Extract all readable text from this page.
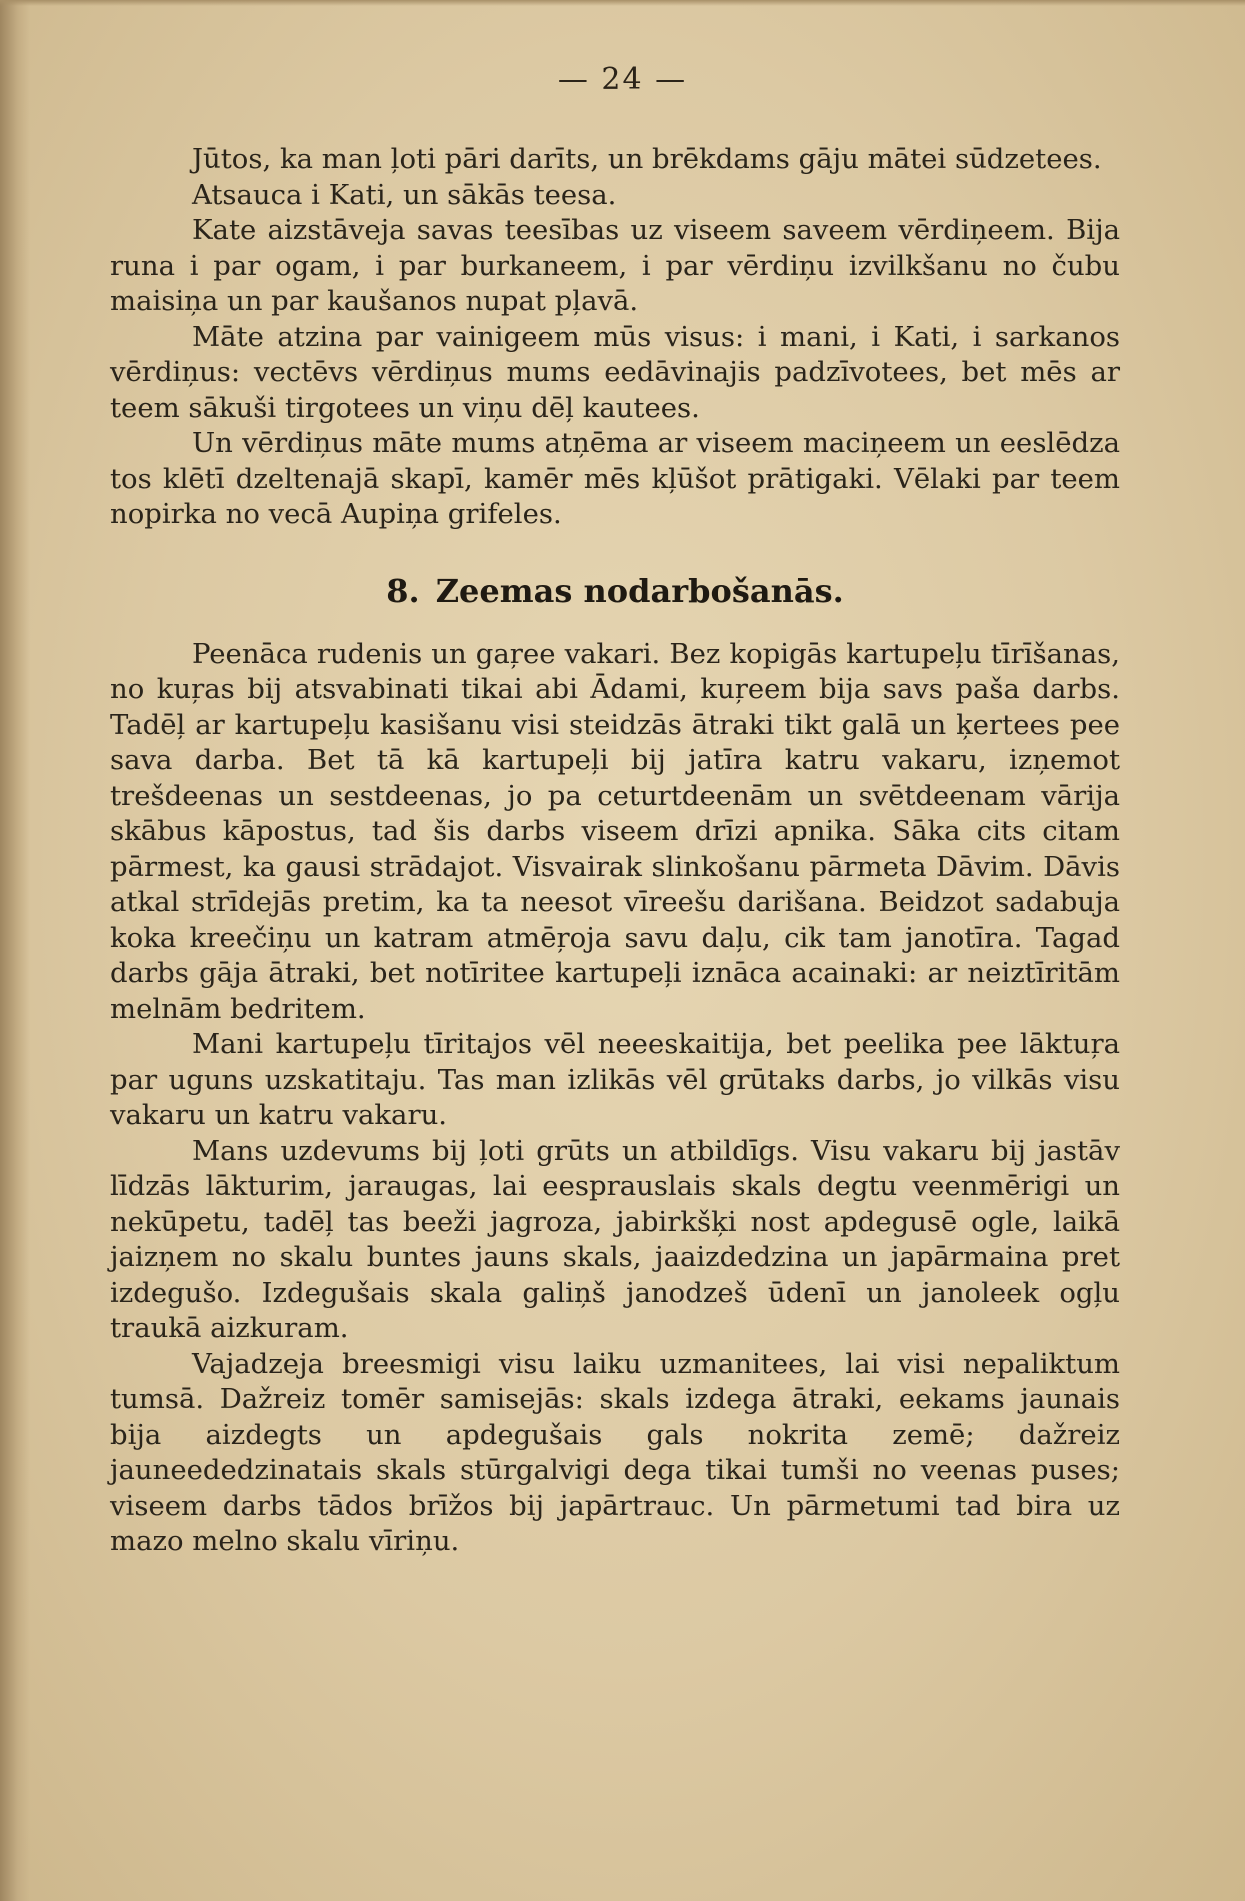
— 24 —

Jūtos, ka man ļoti pāri darīts, un brēkdams gāju mātei sūdzetees.

Atsauca i Kati, un sākās teesa.

Kate aizstāveja savas teesības uz viseem saveem vērdiņeem. Bija runa i par ogam, i par burkaneem, i par vērdiņu izvilkšanu no čubu maisiņa un par kaušanos nupat pļavā.

Māte atzina par vainigeem mūs visus: i mani, i Kati, i sarkanos vērdiņus: vectēvs vērdiņus mums eedāvinajis padzīvotees, bet mēs ar teem sākuši tirgotees un viņu dēļ kautees.

Un vērdiņus māte mums atņēma ar viseem maciņeem un eeslēdza tos klētī dzeltenajā skapī, kamēr mēs kļūšot prātigaki. Vēlaki par teem nopirka no vecā Aupiņa grifeles.

8. Zeemas nodarbošanās.

Peenāca rudenis un gaŗee vakari. Bez kopigās kartupeļu tīrīšanas, no kuŗas bij atsvabinati tikai abi Ādami, kuŗeem bija savs paša darbs. Tadēļ ar kartupeļu kasišanu visi steidzās ātraki tikt galā un ķertees pee sava darba. Bet tā kā kartupeļi bij jatīra katru vakaru, izņemot trešdeenas un sestdeenas, jo pa ceturtdeenām un svētdeenam vārija skābus kāpostus, tad šis darbs viseem drīzi apnika. Sāka cits citam pārmest, ka gausi strādajot. Visvairak slinkošanu pārmeta Dāvim. Dāvis atkal strīdejās pretim, ka ta neesot vīreešu darišana. Beidzot sadabuja koka kreečiņu un katram atmēŗoja savu daļu, cik tam janotīra. Tagad darbs gāja ātraki, bet notīritee kartupeļi iznāca acainaki: ar neiztīritām melnām bedritem.

Mani kartupeļu tīritajos vēl neeeskaitija, bet peelika pee lāktuŗa par uguns uzskatitaju. Tas man izlikās vēl grūtaks darbs, jo vilkās visu vakaru un katru vakaru.

Mans uzdevums bij ļoti grūts un atbildīgs. Visu vakaru bij jastāv līdzās lākturim, jaraugas, lai eesprauslais skals degtu veenmērigi un nekūpetu, tadēļ tas beeži jagroza, jabirkšķi nost apdegusē ogle, laikā jaizņem no skalu buntes jauns skals, jaaizdedzina un japārmaina pret izdegušo. Izdegušais skala galiņš janodzeš ūdenī un janoleek ogļu traukā aizkuram.

Vajadzeja breesmigi visu laiku uzmanitees, lai visi nepaliktum tumsā. Dažreiz tomēr samisejās: skals izdega ātraki, eekams jaunais bija aizdegts un apdegušais gals nokrita zemē; dažreiz jauneededzinatais skals stūrgalvigi dega tikai tumši no veenas puses; viseem darbs tādos brīžos bij japārtrauc. Un pārmetumi tad bira uz mazo melno skalu vīriņu.
